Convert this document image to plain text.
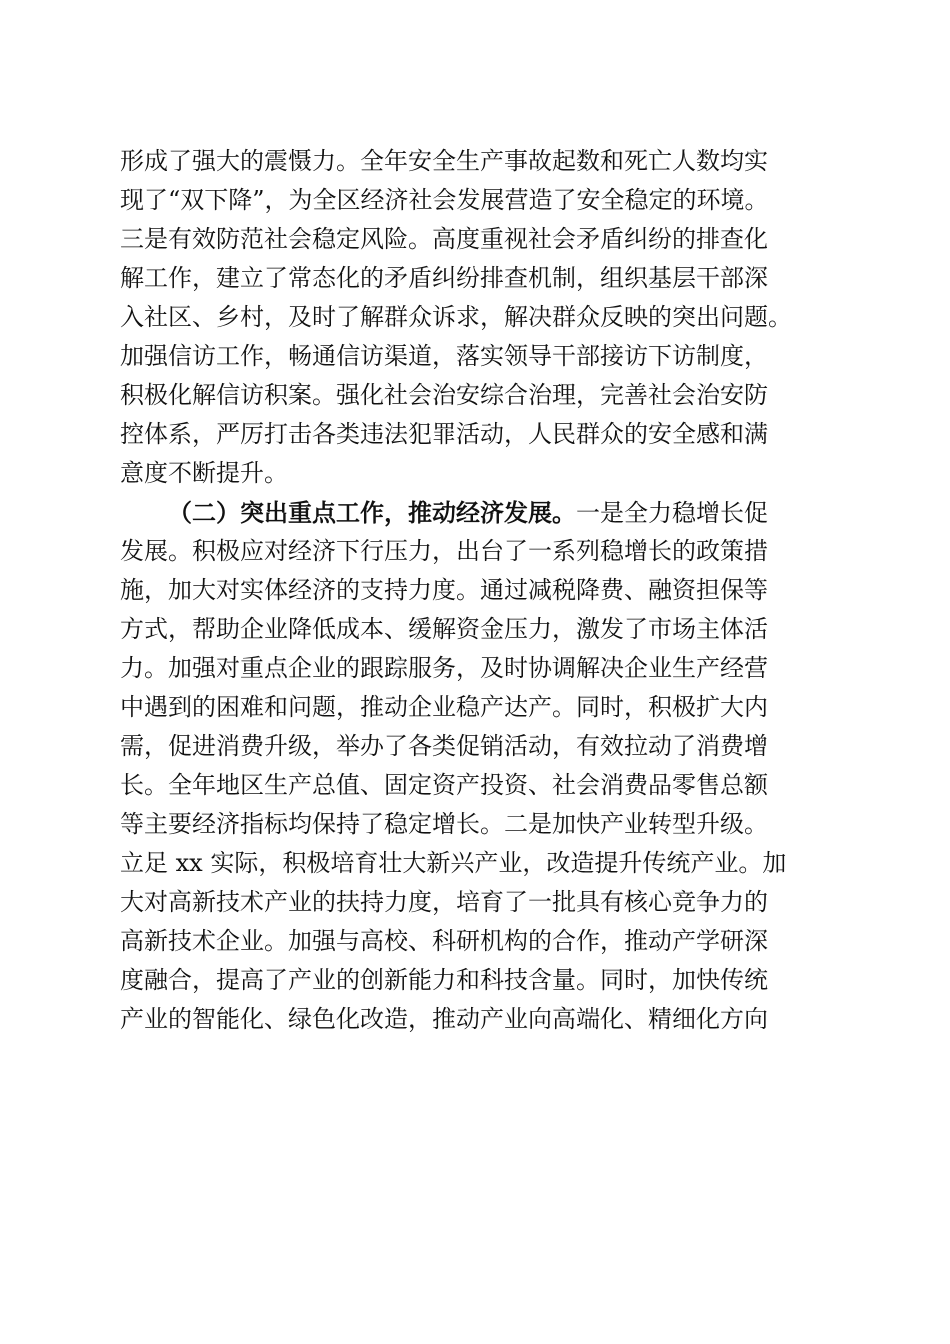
形成了强大的震慑力。全年安全生产事故起数和死亡人数均实
现了“双下降”，为全区经济社会发展营造了安全稳定的环境。
三是有效防范社会稳定风险。高度重视社会矛盾纠纷的排查化
解工作，建立了常态化的矛盾纠纷排查机制，组织基层干部深
入社区、乡村，及时了解群众诉求，解决群众反映的突出问题。
加强信访工作，畅通信访渠道，落实领导干部接访下访制度，
积极化解信访积案。强化社会治安综合治理，完善社会治安防
控体系，严厉打击各类违法犯罪活动，人民群众的安全感和满
意度不断提升。
（二）突出重点工作，推动经济发展。一是全力稳增长促
发展。积极应对经济下行压力，出台了一系列稳增长的政策措
施，加大对实体经济的支持力度。通过减税降费、融资担保等
方式，帮助企业降低成本、缓解资金压力，激发了市场主体活
力。加强对重点企业的跟踪服务，及时协调解决企业生产经营
中遇到的困难和问题，推动企业稳产达产。同时，积极扩大内
需，促进消费升级，举办了各类促销活动，有效拉动了消费增
长。全年地区生产总值、固定资产投资、社会消费品零售总额
等主要经济指标均保持了稳定增长。二是加快产业转型升级。
立足 xx 实际，积极培育壮大新兴产业，改造提升传统产业。加
大对高新技术产业的扶持力度，培育了一批具有核心竞争力的
高新技术企业。加强与高校、科研机构的合作，推动产学研深
度融合，提高了产业的创新能力和科技含量。同时，加快传统
产业的智能化、绿色化改造，推动产业向高端化、精细化方向
